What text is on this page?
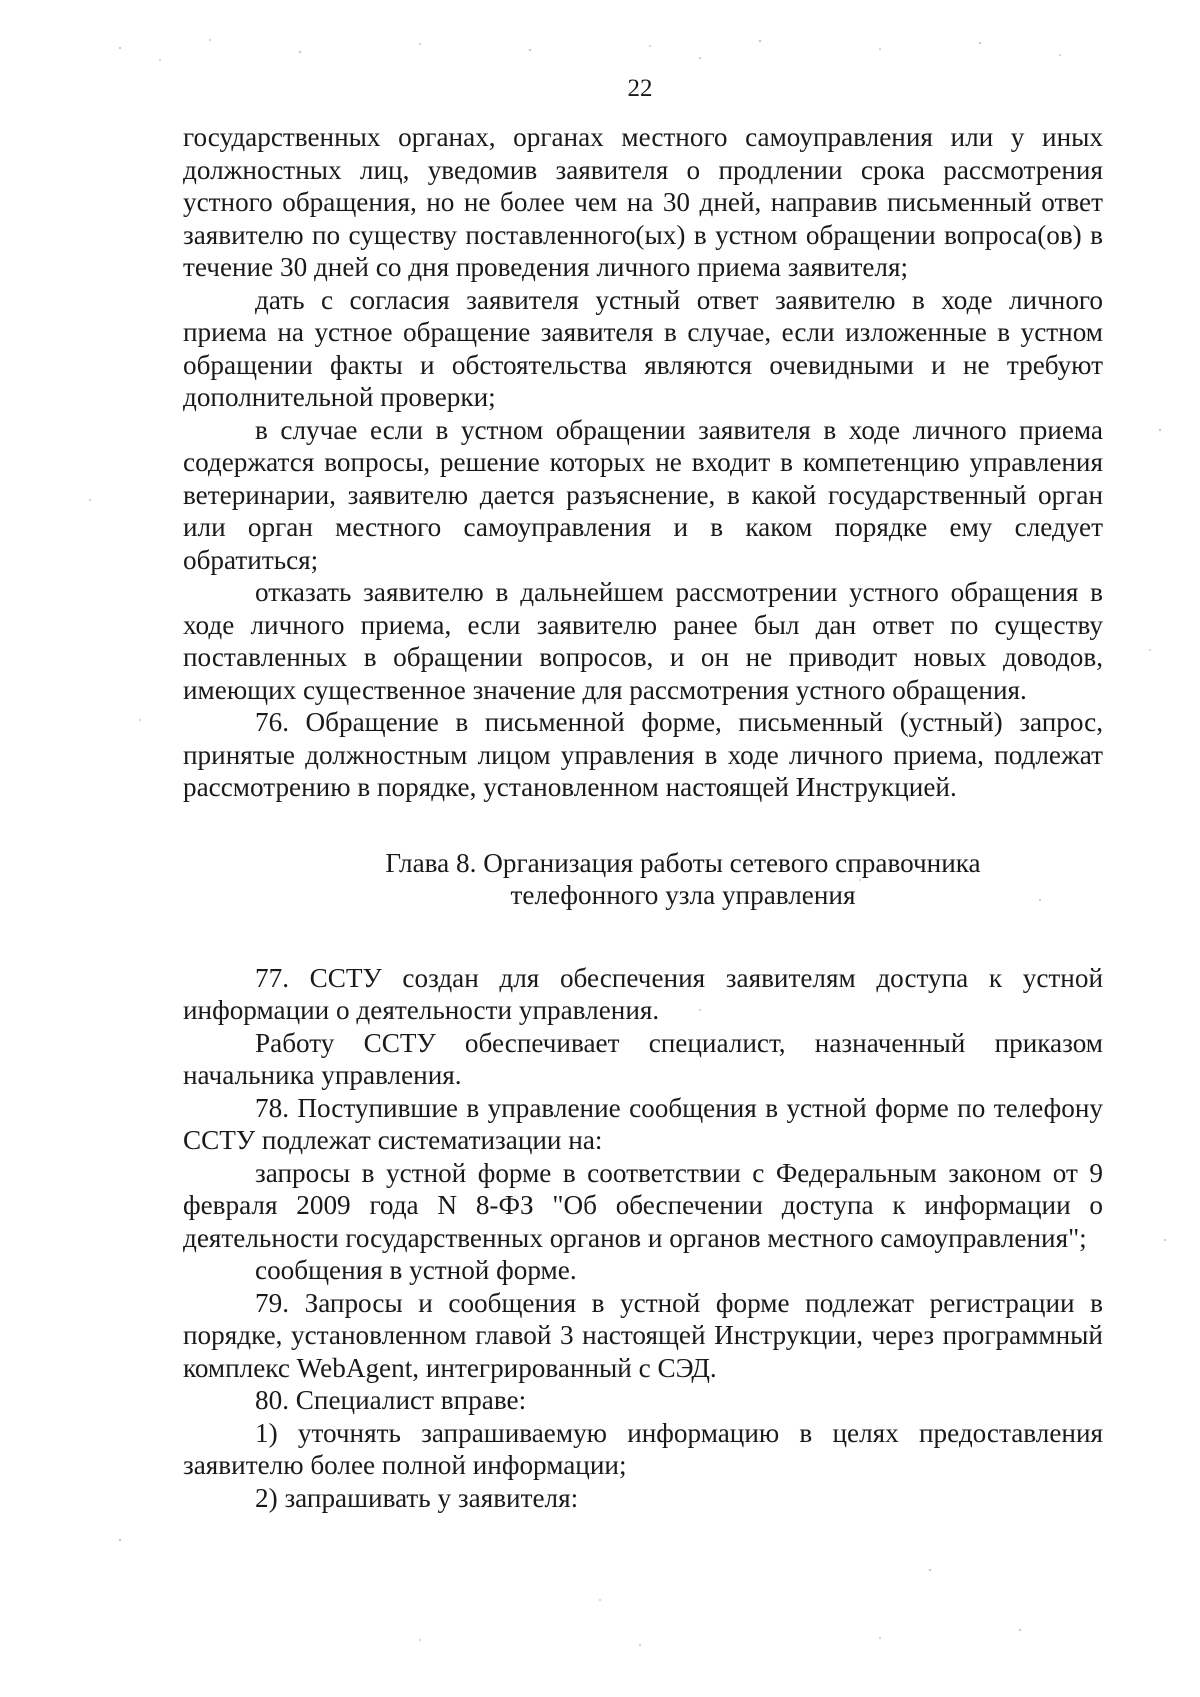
22

государственных органах, органах местного самоуправления или у иных должностных лиц, уведомив заявителя о продлении срока рассмотрения устного обращения, но не более чем на 30 дней, направив письменный ответ заявителю по существу поставленного(ых) в устном обращении вопроса(ов) в течение 30 дней со дня проведения личного приема заявителя;

дать с согласия заявителя устный ответ заявителю в ходе личного приема на устное обращение заявителя в случае, если изложенные в устном обращении факты и обстоятельства являются очевидными и не требуют дополнительной проверки;

в случае если в устном обращении заявителя в ходе личного приема содержатся вопросы, решение которых не входит в компетенцию управления ветеринарии, заявителю дается разъяснение, в какой государственный орган или орган местного самоуправления и в каком порядке ему следует обратиться;

отказать заявителю в дальнейшем рассмотрении устного обращения в ходе личного приема, если заявителю ранее был дан ответ по существу поставленных в обращении вопросов, и он не приводит новых доводов, имеющих существенное значение для рассмотрения устного обращения.

76. Обращение в письменной форме, письменный (устный) запрос, принятые должностным лицом управления в ходе личного приема, подлежат рассмотрению в порядке, установленном настоящей Инструкцией.

Глава 8. Организация работы сетевого справочника
телефонного узла управления

77. ССТУ создан для обеспечения заявителям доступа к устной информации о деятельности управления.

Работу ССТУ обеспечивает специалист, назначенный приказом начальника управления.

78. Поступившие в управление сообщения в устной форме по телефону ССТУ подлежат систематизации на:

запросы в устной форме в соответствии с Федеральным законом от 9 февраля 2009 года N 8-ФЗ "Об обеспечении доступа к информации о деятельности государственных органов и органов местного самоуправления";

сообщения в устной форме.

79. Запросы и сообщения в устной форме подлежат регистрации в порядке, установленном главой 3 настоящей Инструкции, через программный комплекс WebAgent, интегрированный с СЭД.

80. Специалист вправе:

1) уточнять запрашиваемую информацию в целях предоставления заявителю более полной информации;

2) запрашивать у заявителя:
